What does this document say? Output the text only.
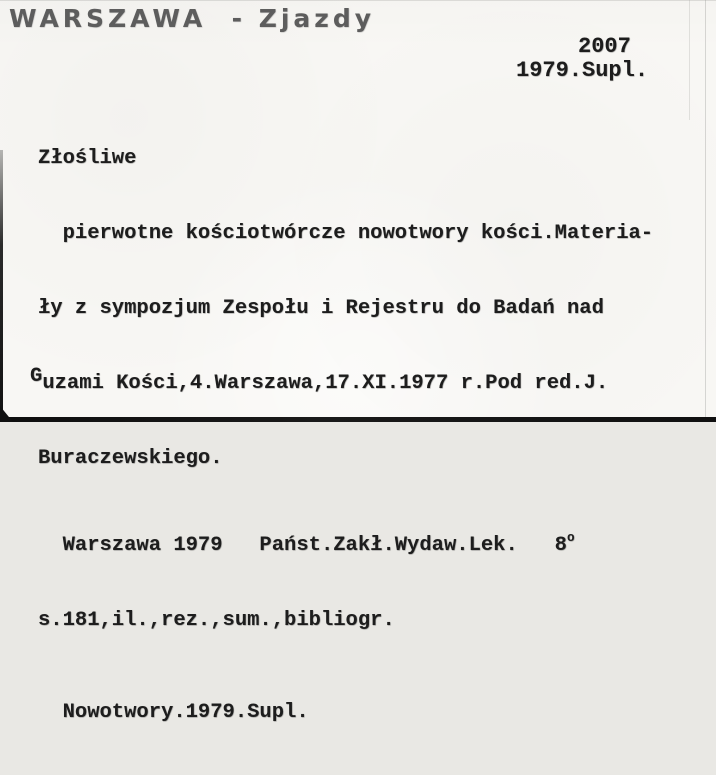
WARSZAWA  - Zjazdy
2007
1979.Supl.

Złośliwe

pierwotne kościotwórcze nowotwory kości.Materia-

ły z sympozjum Zespołu i Rejestru do Badań nad

Guzami Kości,4.Warszawa,17.XI.1977 r.Pod red.J.

Buraczewskiego.

Warszawa 1979   Państ.Zakł.Wydaw.Lek.   8$^o$

s.181,il.,rez.,sum.,bibliogr.

Nowotwory.1979.Supl.
